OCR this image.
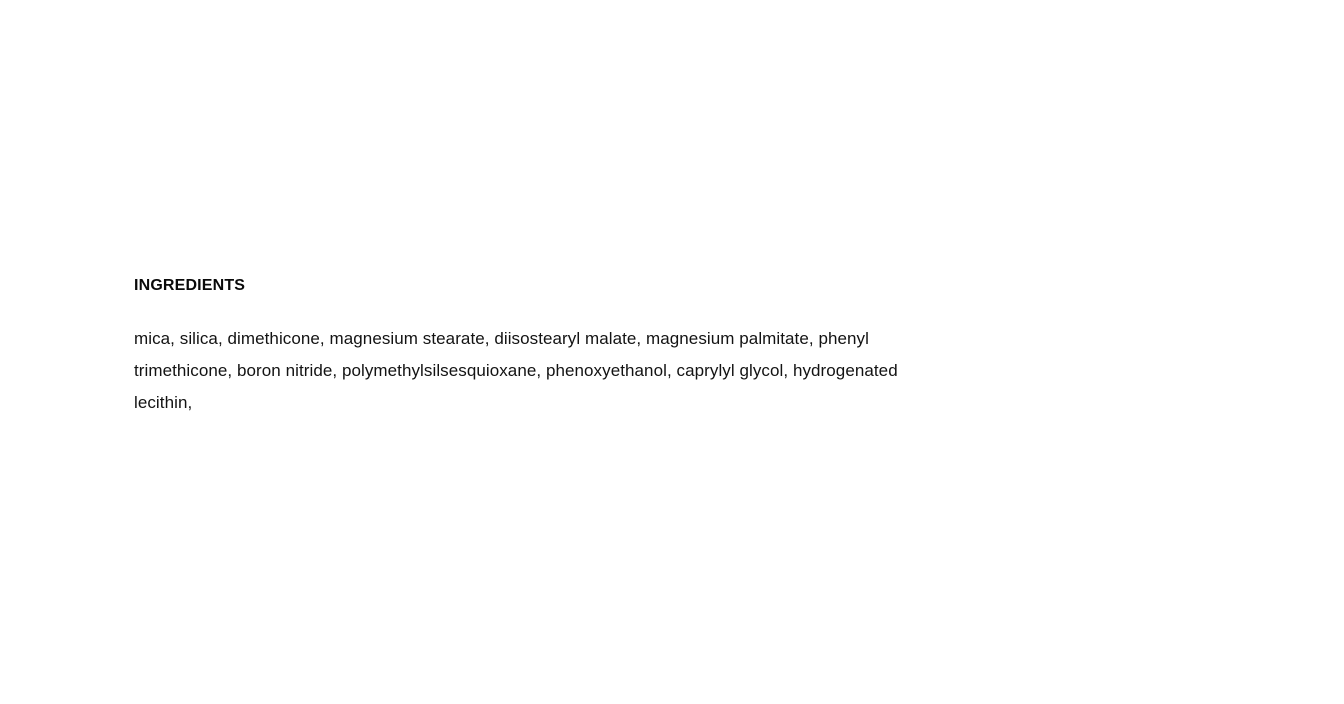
INGREDIENTS

mica, silica, dimethicone, magnesium stearate, diisostearyl malate, magnesium palmitate, phenyl trimethicone, boron nitride, polymethylsilsesquioxane, phenoxyethanol, caprylyl glycol, hydrogenated lecithin,
